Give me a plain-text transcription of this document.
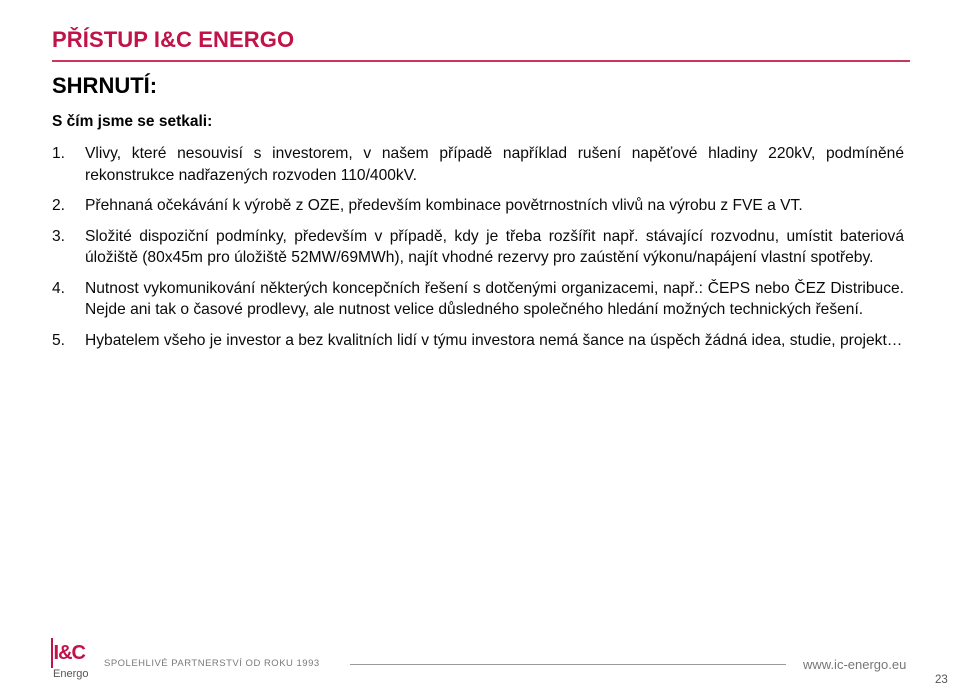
PŘÍSTUP I&C ENERGO
SHRNUTÍ:
S čím jsme se setkali:
1.	Vlivy, které nesouvisí s investorem, v našem případě například rušení napěťové hladiny 220kV, podmíněné rekonstrukce nadřazených rozvoden 110/400kV.
2.	Přehnaná očekávání k výrobě z OZE, především kombinace povětrnostních vlivů na výrobu z FVE a VT.
3.	Složité dispoziční podmínky, především v případě, kdy je třeba rozšířit např. stávající rozvodnu, umístit bateriová úložiště (80x45m pro úložiště 52MW/69MWh), najít vhodné rezervy pro zaústění výkonu/napájení vlastní spotřeby.
4.	Nutnost vykomunikování některých koncepčních řešení s dotčenými organizacemi, např.: ČEPS nebo ČEZ Distribuce. Nejde ani tak o časové prodlevy, ale nutnost velice důsledného společného hledání možných technických řešení.
5.	Hybatelem všeho je investor a bez kvalitních lidí v týmu investora nemá šance na úspěch žádná idea, studie, projekt…
I&C
Energo
SPOLEHLIVÉ PARTNERSTVÍ OD ROKU 1993	www.ic-energo.eu
23
